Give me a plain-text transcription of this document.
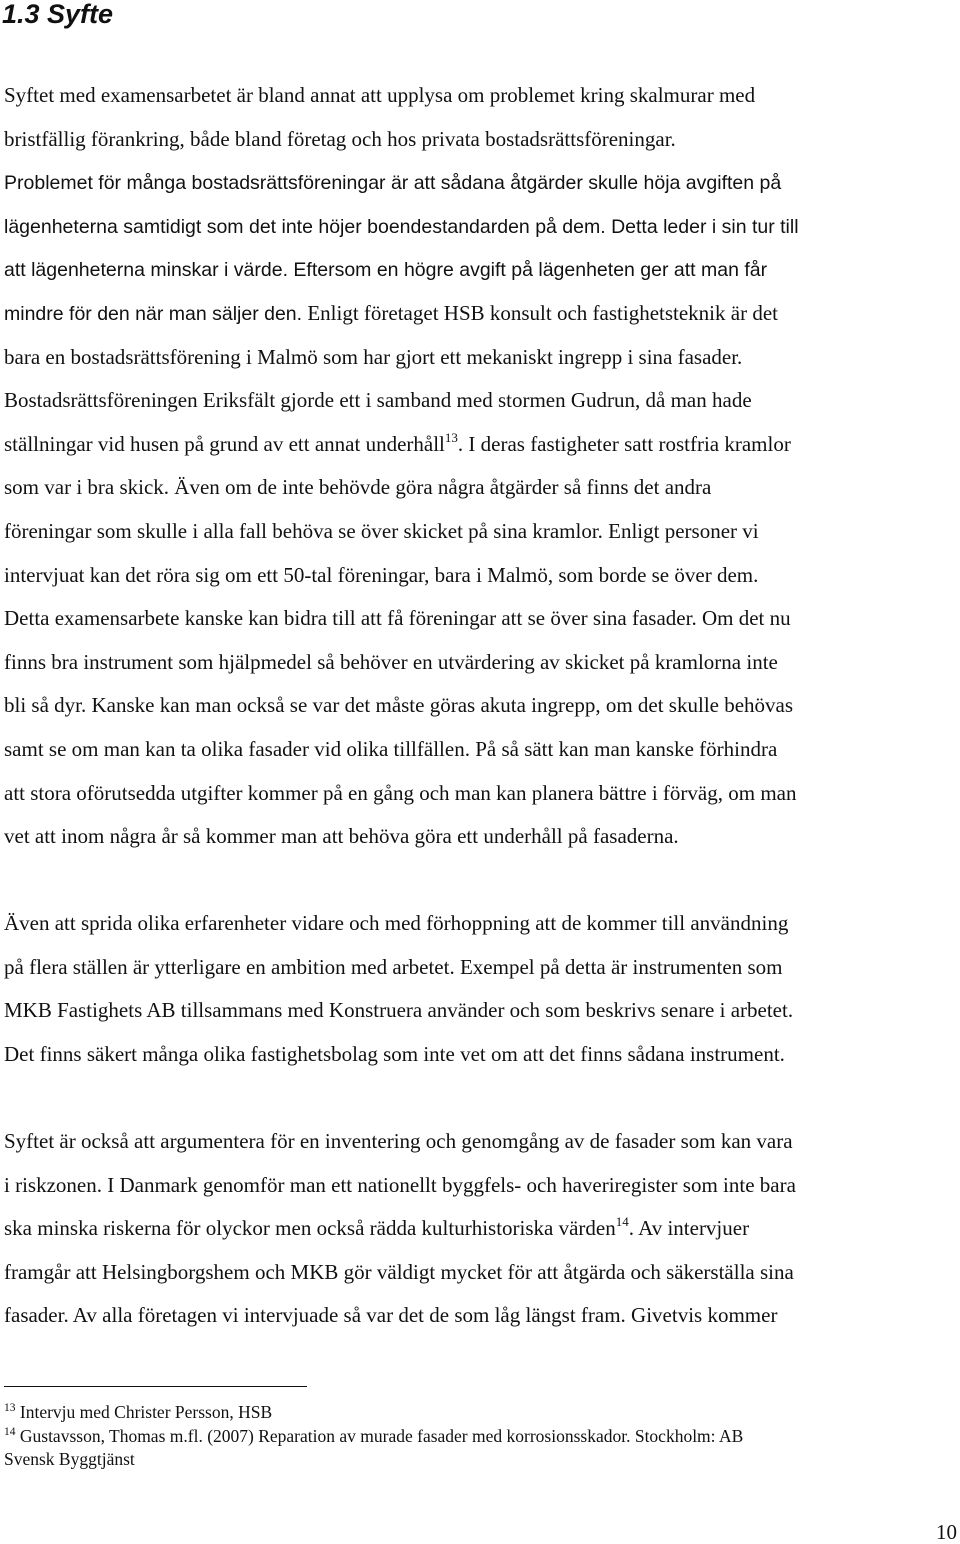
1.3 Syfte
Syftet med examensarbetet är bland annat att upplysa om problemet kring skalmurar med
bristfällig förankring, både bland företag och hos privata bostadsrättsföreningar.
Problemet för många bostadsrättsföreningar är att sådana åtgärder skulle höja avgiften på
lägenheterna samtidigt som det inte höjer boendestandarden på dem. Detta leder i sin tur till
att lägenheterna minskar i värde. Eftersom en högre avgift på lägenheten ger att man får
mindre för den när man säljer den. Enligt företaget HSB konsult och fastighetsteknik är det
bara en bostadsrättsförening i Malmö som har gjort ett mekaniskt ingrepp i sina fasader.
Bostadsrättsföreningen Eriksfält gjorde ett i samband med stormen Gudrun, då man hade
ställningar vid husen på grund av ett annat underhåll$^{13}$. I deras fastigheter satt rostfria kramlor
som var i bra skick. Även om de inte behövde göra några åtgärder så finns det andra
föreningar som skulle i alla fall behöva se över skicket på sina kramlor. Enligt personer vi
intervjuat kan det röra sig om ett 50-tal föreningar, bara i Malmö, som borde se över dem.
Detta examensarbete kanske kan bidra till att få föreningar att se över sina fasader. Om det nu
finns bra instrument som hjälpmedel så behöver en utvärdering av skicket på kramlorna inte
bli så dyr. Kanske kan man också se var det måste göras akuta ingrepp, om det skulle behövas
samt se om man kan ta olika fasader vid olika tillfällen. På så sätt kan man kanske förhindra
att stora oförutsedda utgifter kommer på en gång och man kan planera bättre i förväg, om man
vet att inom några år så kommer man att behöva göra ett underhåll på fasaderna.
Även att sprida olika erfarenheter vidare och med förhoppning att de kommer till användning
på flera ställen är ytterligare en ambition med arbetet. Exempel på detta är instrumenten som
MKB Fastighets AB tillsammans med Konstruera använder och som beskrivs senare i arbetet.
Det finns säkert många olika fastighetsbolag som inte vet om att det finns sådana instrument.
Syftet är också att argumentera för en inventering och genomgång av de fasader som kan vara
i riskzonen. I Danmark genomför man ett nationellt byggfels- och haveriregister som inte bara
ska minska riskerna för olyckor men också rädda kulturhistoriska värden$^{14}$. Av intervjuer
framgår att Helsingborgshem och MKB gör väldigt mycket för att åtgärda och säkerställa sina
fasader. Av alla företagen vi intervjuade så var det de som låg längst fram. Givetvis kommer
$^{13}$ Intervju med Christer Persson, HSB
$^{14}$ Gustavsson, Thomas m.fl. (2007) Reparation av murade fasader med korrosionsskador. Stockholm: AB
Svensk Byggtjänst
10
